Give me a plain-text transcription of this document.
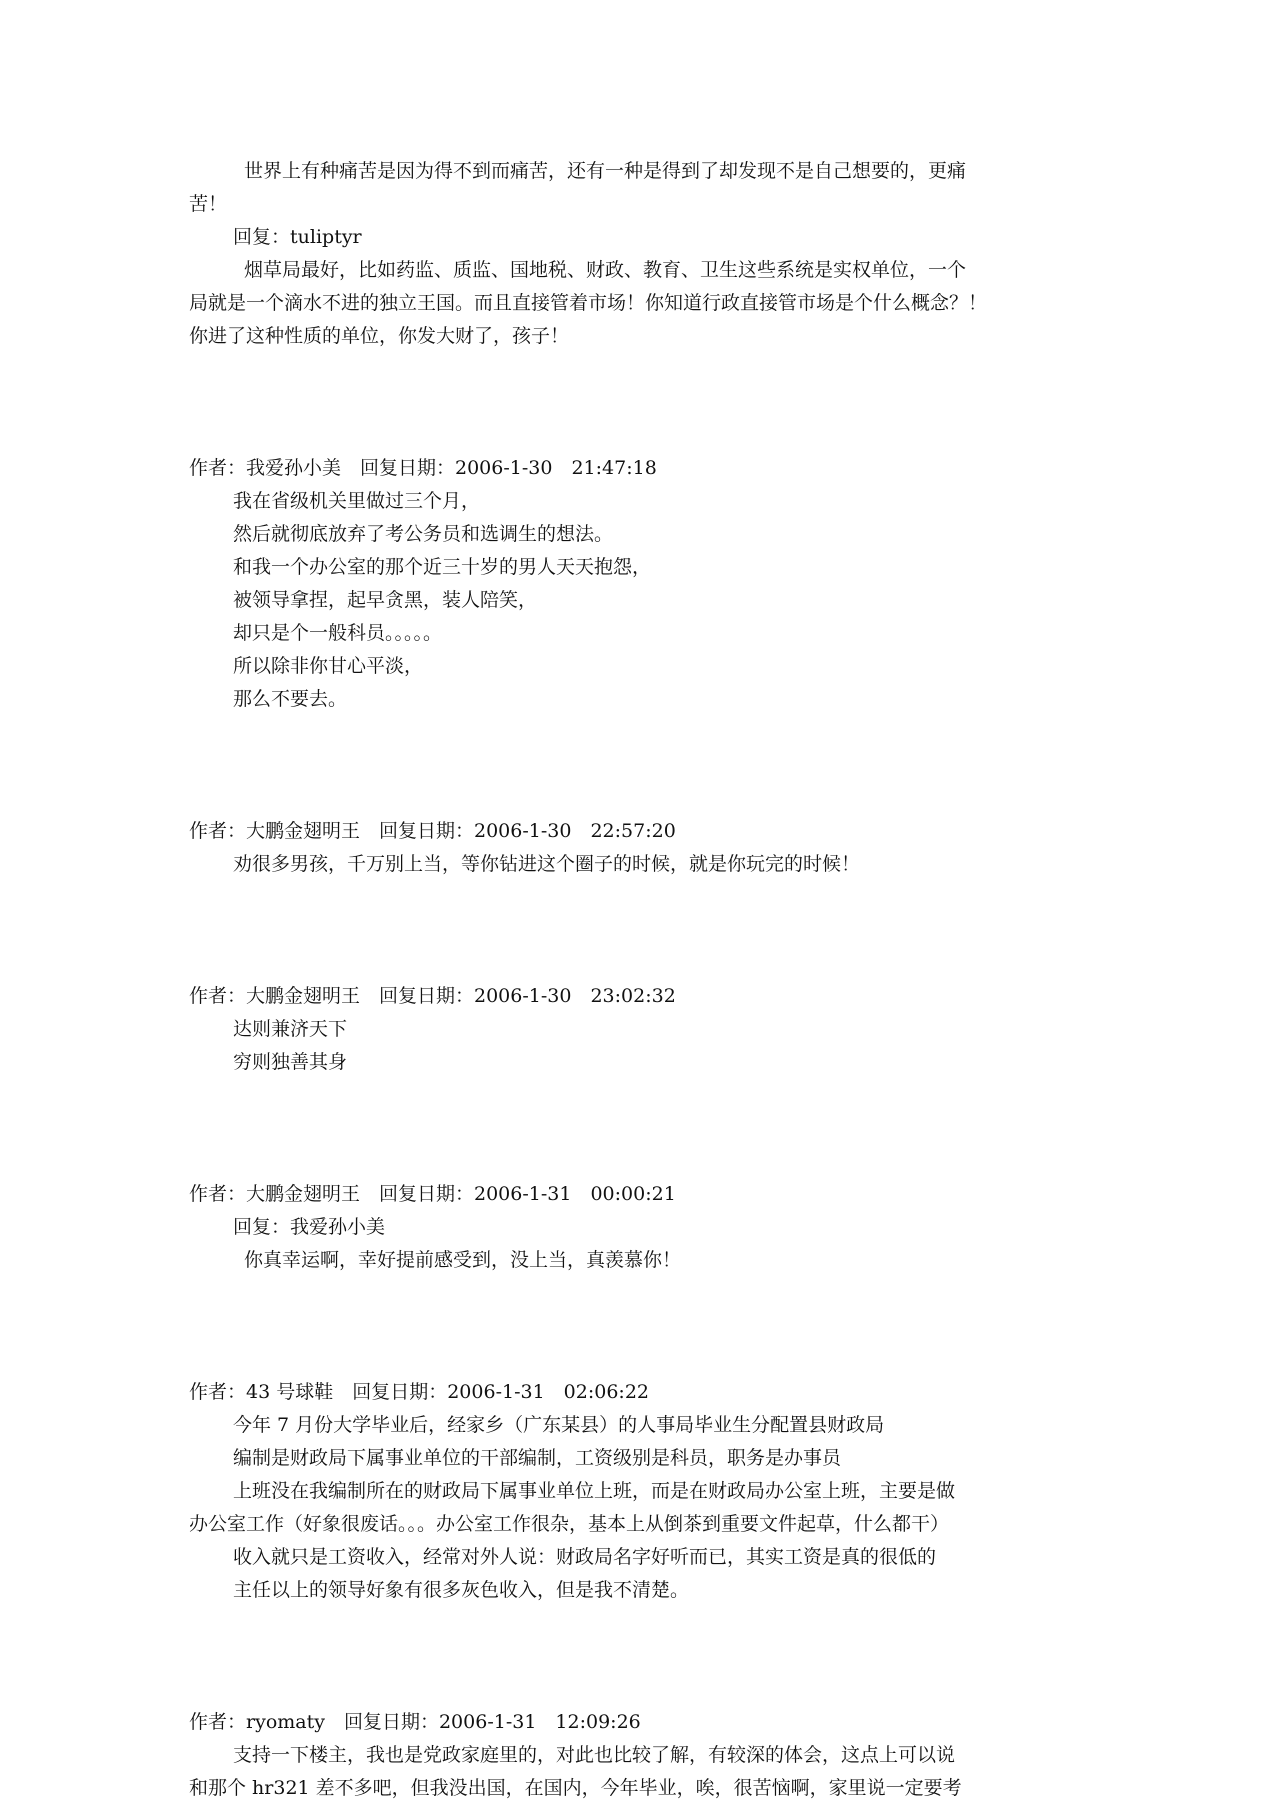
世界上有种痛苦是因为得不到而痛苦，还有一种是得到了却发现不是自己想要的，更痛
苦！
回复：tuliptyr
烟草局最好，比如药监、质监、国地税、财政、教育、卫生这些系统是实权单位，一个
局就是一个滴水不进的独立王国。而且直接管着市场！你知道行政直接管市场是个什么概念？！
你进了这种性质的单位，你发大财了，孩子！
作者：我爱孙小美　回复日期：2006-1-30　21:47:18
我在省级机关里做过三个月，
然后就彻底放弃了考公务员和选调生的想法。
和我一个办公室的那个近三十岁的男人天天抱怨，
被领导拿捏，起早贪黑，装人陪笑，
却只是个一般科员。。。。。
所以除非你甘心平淡，
那么不要去。
作者：大鹏金翅明王　回复日期：2006-1-30　22:57:20
劝很多男孩，千万别上当，等你钻进这个圈子的时候，就是你玩完的时候！
作者：大鹏金翅明王　回复日期：2006-1-30　23:02:32
达则兼济天下
穷则独善其身
作者：大鹏金翅明王　回复日期：2006-1-31　00:00:21
回复：我爱孙小美
你真幸运啊，幸好提前感受到，没上当，真羡慕你！
作者：43 号球鞋　回复日期：2006-1-31　02:06:22
今年 7 月份大学毕业后，经家乡（广东某县）的人事局毕业生分配置县财政局
编制是财政局下属事业单位的干部编制，工资级别是科员，职务是办事员
上班没在我编制所在的财政局下属事业单位上班，而是在财政局办公室上班，主要是做
办公室工作（好象很废话。。。办公室工作很杂，基本上从倒茶到重要文件起草，什么都干）
收入就只是工资收入，经常对外人说：财政局名字好听而已，其实工资是真的很低的
主任以上的领导好象有很多灰色收入，但是我不清楚。
作者：ryomaty　回复日期：2006-1-31　12:09:26
支持一下楼主，我也是党政家庭里的，对此也比较了解，有较深的体会，这点上可以说
和那个 hr321 差不多吧，但我没出国，在国内，今年毕业，唉，很苦恼啊，家里说一定要考
